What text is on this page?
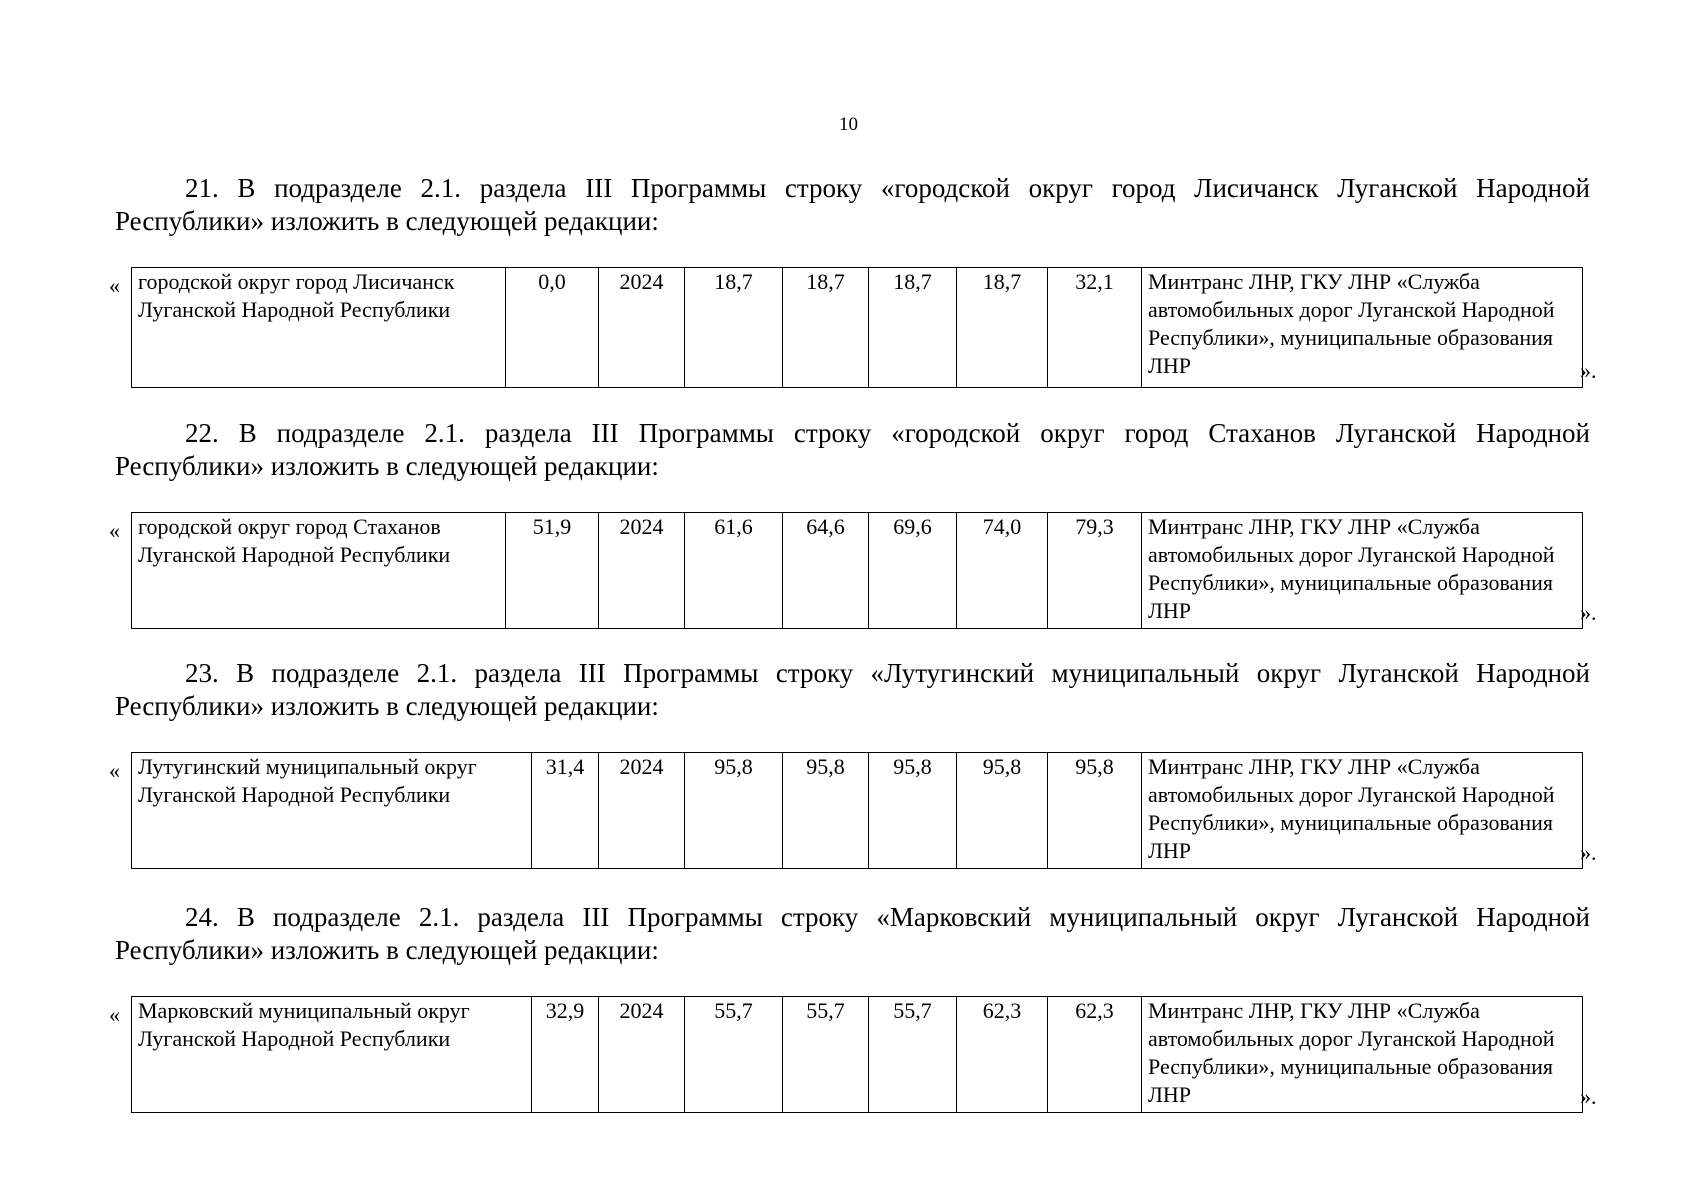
10
21. В подразделе 2.1. раздела III Программы строку «городской округ город Лисичанск Луганской Народной
Республики» изложить в следующей редакции:
« городской округ город Лисичанск Луганской Народной Республики	0,0	2024	18,7	18,7	18,7	18,7	32,1	Минтранс ЛНР, ГКУ ЛНР «Служба автомобильных дорог Луганской Народной Республики», муниципальные образования ЛНР	».
22. В подразделе 2.1. раздела III Программы строку «городской округ город Стаханов Луганской Народной
Республики» изложить в следующей редакции:
« городской округ город Стаханов Луганской Народной Республики	51,9	2024	61,6	64,6	69,6	74,0	79,3	Минтранс ЛНР, ГКУ ЛНР «Служба автомобильных дорог Луганской Народной Республики», муниципальные образования ЛНР	».
23. В подразделе 2.1. раздела III Программы строку «Лутугинский муниципальный округ Луганской Народной
Республики» изложить в следующей редакции:
« Лутугинский муниципальный округ Луганской Народной Республики	31,4	2024	95,8	95,8	95,8	95,8	95,8	Минтранс ЛНР, ГКУ ЛНР «Служба автомобильных дорог Луганской Народной Республики», муниципальные образования ЛНР	».
24. В подразделе 2.1. раздела III Программы строку «Марковский муниципальный округ Луганской Народной
Республики» изложить в следующей редакции:
« Марковский муниципальный округ Луганской Народной Республики	32,9	2024	55,7	55,7	55,7	62,3	62,3	Минтранс ЛНР, ГКУ ЛНР «Служба автомобильных дорог Луганской Народной Республики», муниципальные образования ЛНР	».
